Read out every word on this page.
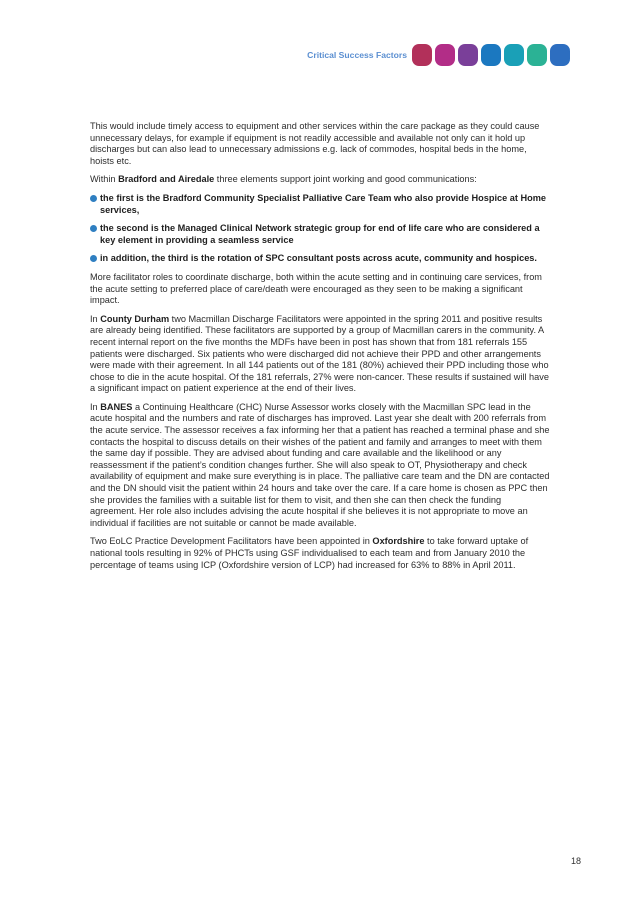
Critical Success Factors

This would include timely access to equipment and other services within the care package as they could cause unnecessary delays, for example if equipment is not readily accessible and available not only can it hold up discharges but can also lead to unnecessary admissions e.g. lack of commodes, hospital beds in the home, hoists etc.

Within Bradford and Airedale three elements support joint working and good communications:

the first is the Bradford Community Specialist Palliative Care Team who also provide Hospice at Home services,
the second is the Managed Clinical Network strategic group for end of life care who are considered a key element in providing a seamless service
in addition, the third is the rotation of SPC consultant posts across acute, community and hospices.

More facilitator roles to coordinate discharge, both within the acute setting and in continuing care services, from the acute setting to preferred place of care/death were encouraged as they seen to be making a significant impact.

In County Durham two Macmillan Discharge Facilitators were appointed in the spring 2011 and positive results are already being identified. These facilitators are supported by a group of Macmillan carers in the community. A recent internal report on the five months the MDFs have been in post has shown that from 181 referrals 155 patients were discharged. Six patients who were discharged did not achieve their PPD and other arrangements were made with their agreement. In all 144 patients out of the 181 (80%) achieved their PPD including those who chose to die in the acute hospital. Of the 181 referrals, 27% were non-cancer. These results if sustained will have a significant impact on patient experience at the end of their lives.

In BANES a Continuing Healthcare (CHC) Nurse Assessor works closely with the Macmillan SPC lead in the acute hospital and the numbers and rate of discharges has improved. Last year she dealt with 200 referrals from the acute service. The assessor receives a fax informing her that a patient has reached a terminal phase and she contacts the hospital to discuss details on their wishes of the patient and family and arranges to meet with them the same day if possible. They are advised about funding and care available and the likelihood or any reassessment if the patient’s condition changes further. She will also speak to OT, Physiotherapy and check availability of equipment and make sure everything is in place. The palliative care team and the DN are contacted and the DN should visit the patient within 24 hours and take over the care. If a care home is chosen as PPC then she provides the families with a suitable list for them to visit, and then she can then check the funding agreement. Her role also includes advising the acute hospital if she believes it is not appropriate to move an individual if facilities are not suitable or cannot be made available.

Two EoLC Practice Development Facilitators have been appointed in Oxfordshire to take forward uptake of national tools resulting in 92% of PHCTs using GSF individualised to each team and from January 2010 the percentage of teams using ICP (Oxfordshire version of LCP) had increased for 63% to 88% in April 2011.

18
